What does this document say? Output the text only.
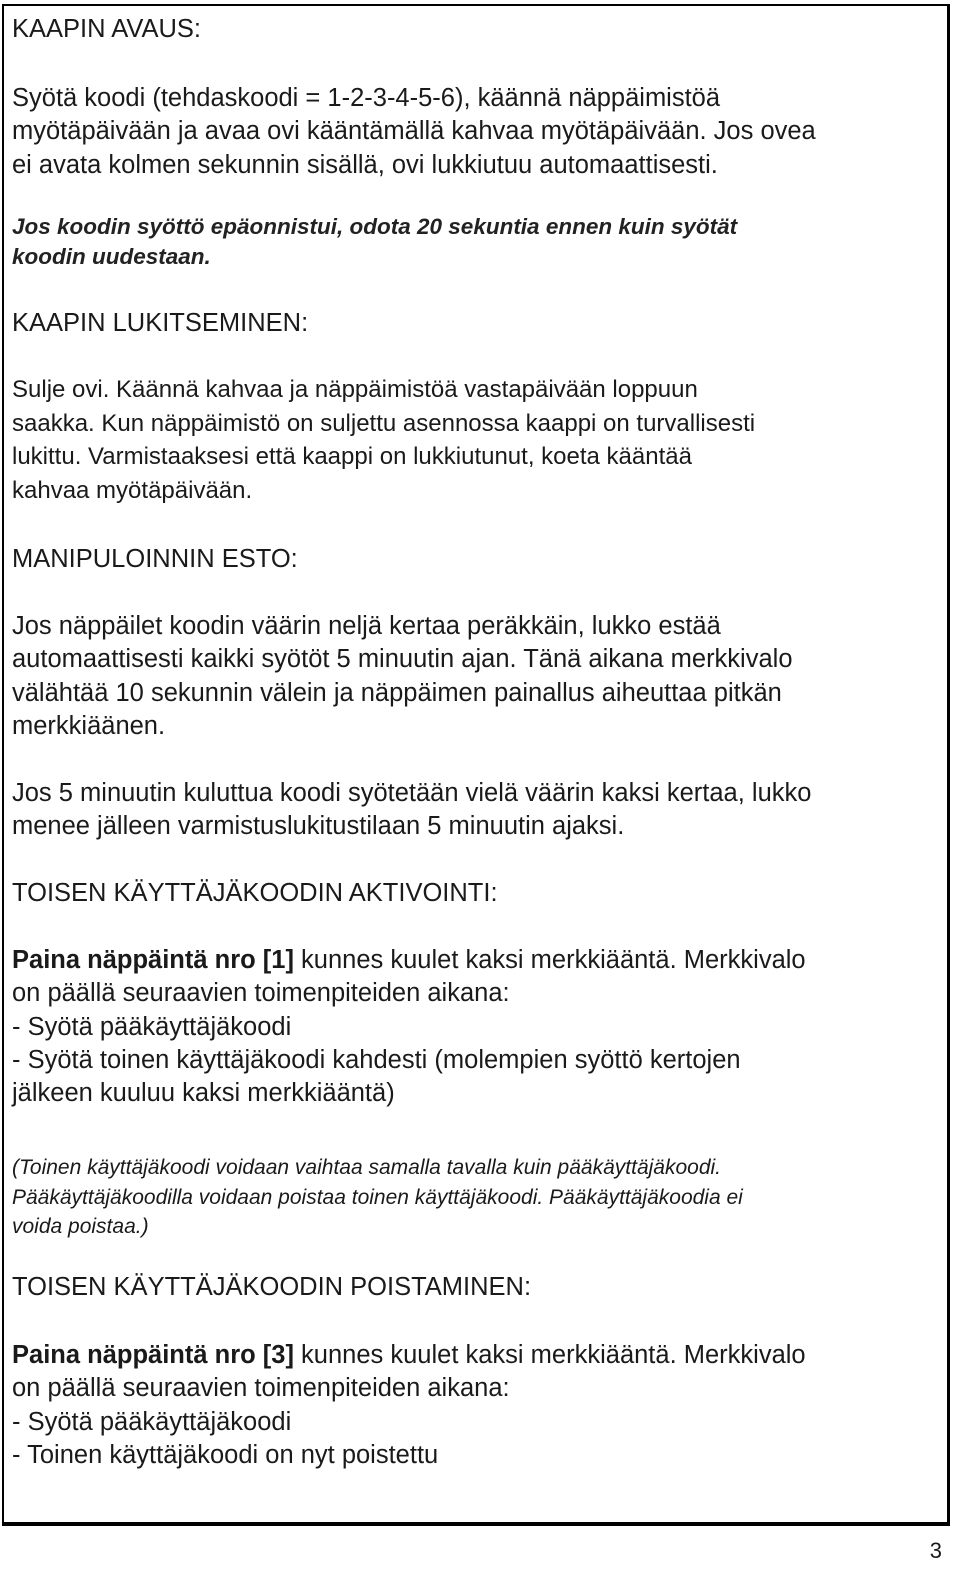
KAAPIN AVAUS:
Syötä koodi (tehdaskoodi = 1-2-3-4-5-6), käännä näppäimistöä
myötäpäivään ja avaa ovi kääntämällä kahvaa myötäpäivään. Jos ovea
ei avata kolmen sekunnin sisällä, ovi lukkiutuu automaattisesti.
Jos koodin syöttö epäonnistui, odota 20 sekuntia ennen kuin syötät
koodin uudestaan.
KAAPIN LUKITSEMINEN:
Sulje ovi. Käännä kahvaa ja näppäimistöä vastapäivään loppuun
saakka. Kun näppäimistö on suljettu asennossa kaappi on turvallisesti
lukittu. Varmistaaksesi että kaappi on lukkiutunut, koeta kääntää
kahvaa myötäpäivään.
MANIPULOINNIN ESTO:
Jos näppäilet koodin väärin neljä kertaa peräkkäin, lukko estää
automaattisesti kaikki syötöt 5 minuutin ajan. Tänä aikana merkkivalo
välähtää 10 sekunnin välein ja näppäimen painallus aiheuttaa pitkän
merkkiäänen.
Jos 5 minuutin kuluttua koodi syötetään vielä väärin kaksi kertaa, lukko
menee jälleen varmistuslukitustilaan 5 minuutin ajaksi.
TOISEN KÄYTTÄJÄKOODIN AKTIVOINTI:
Paina näppäintä nro [1] kunnes kuulet kaksi merkkiääntä. Merkkivalo
on päällä seuraavien toimenpiteiden aikana:
- Syötä pääkäyttäjäkoodi
- Syötä toinen käyttäjäkoodi kahdesti (molempien syöttö kertojen
jälkeen kuuluu kaksi merkkiääntä)
(Toinen käyttäjäkoodi voidaan vaihtaa samalla tavalla kuin pääkäyttäjäkoodi.
Pääkäyttäjäkoodilla voidaan poistaa toinen käyttäjäkoodi. Pääkäyttäjäkoodia ei
voida poistaa.)
TOISEN KÄYTTÄJÄKOODIN POISTAMINEN:
Paina näppäintä nro [3] kunnes kuulet kaksi merkkiääntä. Merkkivalo
on päällä seuraavien toimenpiteiden aikana:
- Syötä pääkäyttäjäkoodi
- Toinen käyttäjäkoodi on nyt poistettu
3
